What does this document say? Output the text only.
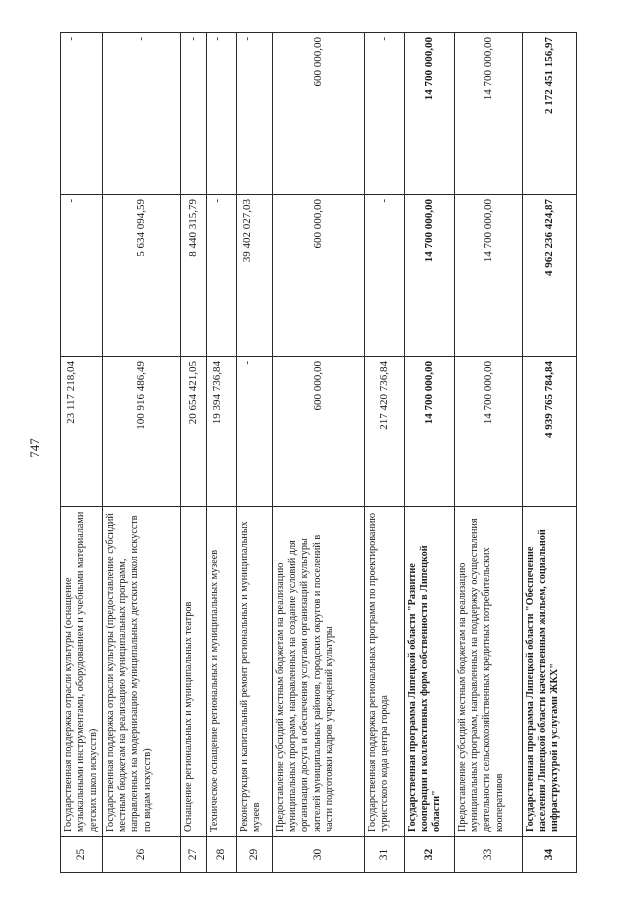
747
25	Государственная поддержка отрасли культуры (оснащение музыкальными инструментами, оборудованием и учебными материалами детских школ искусств)	23 117 218,04	-	-
26	Государственная поддержка отрасли культуры (предоставление субсидий местным бюджетам на реализацию муниципальных программ, направленных на модернизацию муниципальных детских школ искусств по видам искусств)	100 916 486,49	5 634 094,59	-
27	Оснащение региональных и муниципальных театров	20 654 421,05	8 440 315,79	-
28	Техническое оснащение региональных и муниципальных музеев	19 394 736,84	-	-
29	Реконструкция и капитальный ремонт региональных и муниципальных музеев	-	39 402 027,03	-
30	Предоставление субсидий местным бюджетам на реализацию муниципальных программ, направленных на создание условий для организации досуга и обеспечения услугами организаций культуры жителей муниципальных районов, городских округов и поселений в части подготовки кадров учреждений культуры	600 000,00	600 000,00	600 000,00
31	Государственная поддержка региональных программ по проектированию туристского кода центра города	217 420 736,84	-	-
32	Государственная программа Липецкой области "Развитие кооперации и коллективных форм собственности в Липецкой области"	14 700 000,00	14 700 000,00	14 700 000,00
33	Предоставление субсидий местным бюджетам на реализацию муниципальных программ, направленных на поддержку осуществления деятельности сельскохозяйственных кредитных потребительских кооперативов	14 700 000,00	14 700 000,00	14 700 000,00
34	Государственная программа Липецкой области "Обеспечение населения Липецкой области качественным жильем, социальной инфраструктурой и услугами ЖКХ"	4 939 765 784,84	4 962 236 424,87	2 172 451 156,97
